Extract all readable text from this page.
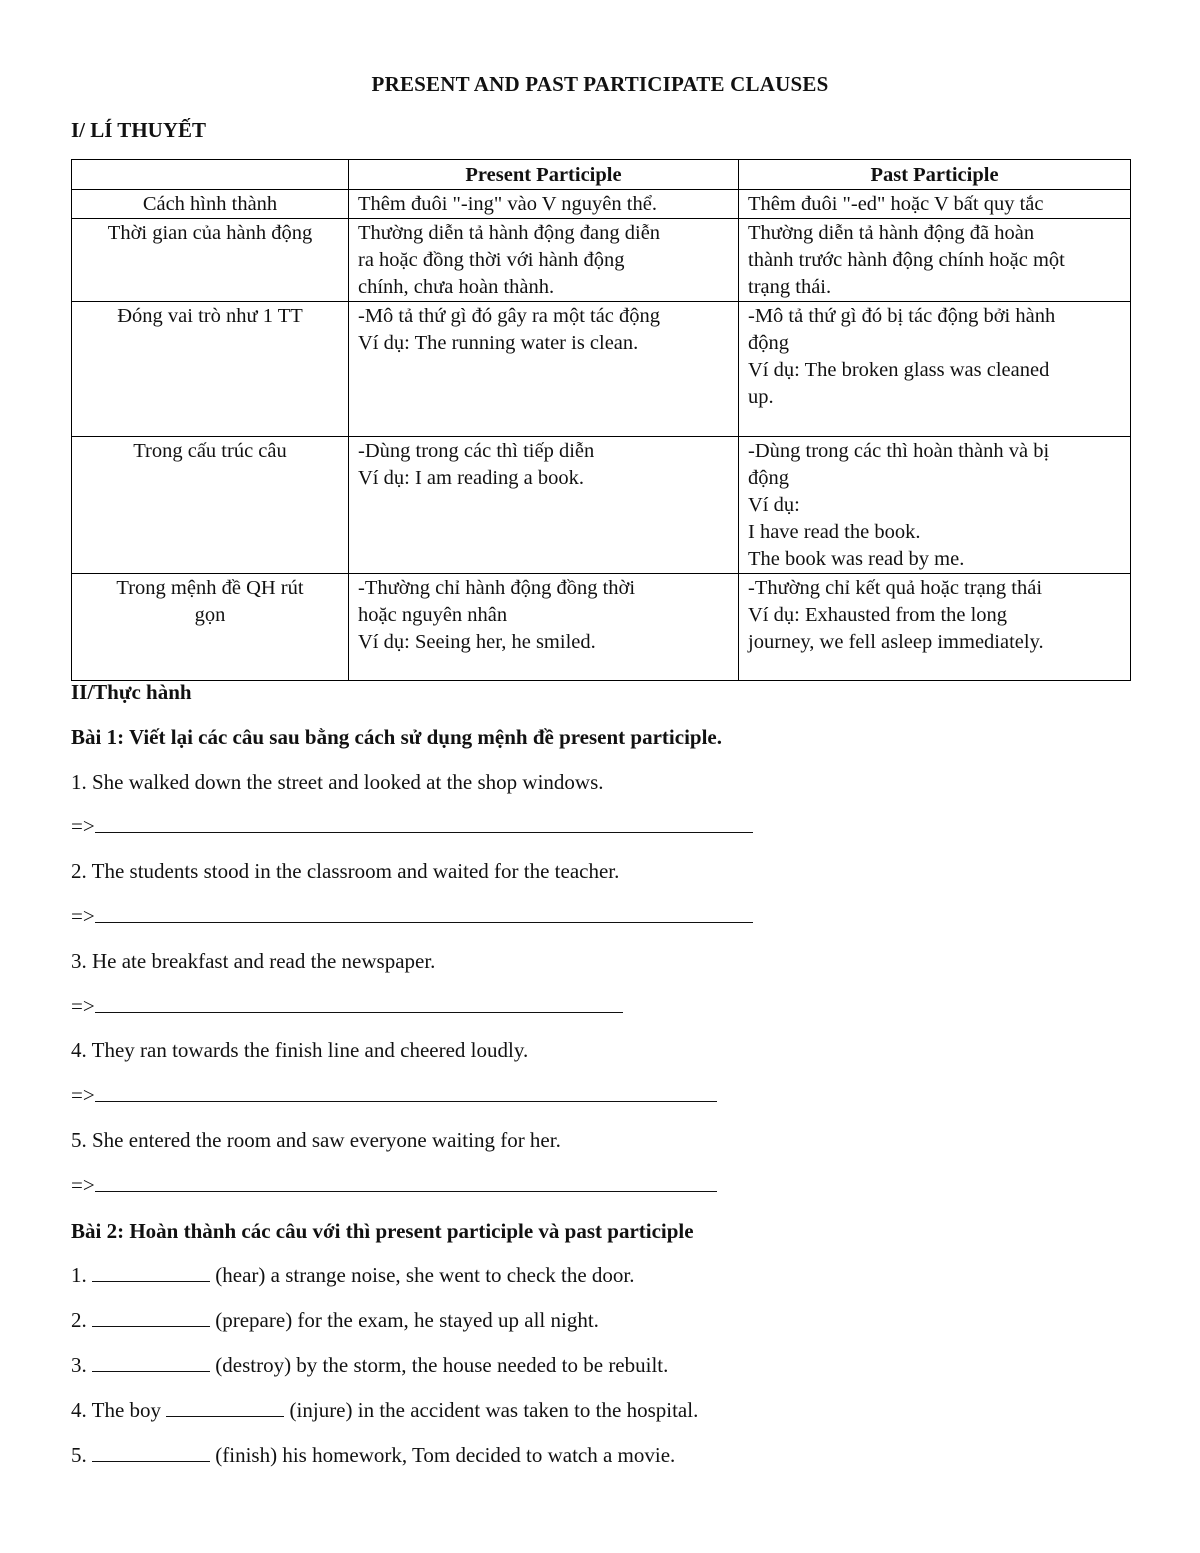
PRESENT AND PAST PARTICIPATE CLAUSES
I/ LÍ THUYẾT
	Present Participle	Past Participle

Cách hình thành	Thêm đuôi "-ing" vào V nguyên thể.	Thêm đuôi "-ed" hoặc V bất quy tắc

Thời gian của hành động	Thường diễn tả hành động đang diễn
ra hoặc đồng thời với hành động
chính, chưa hoàn thành.	Thường diễn tả hành động đã hoàn
thành trước hành động chính hoặc một
trạng thái.

Đóng vai trò như 1 TT	-Mô tả thứ gì đó gây ra một tác động
Ví dụ: The running water is clean.	-Mô tả thứ gì đó bị tác động bởi hành
động
Ví dụ: The broken glass was cleaned
up.

Trong cấu trúc câu	-Dùng trong các thì tiếp diễn
Ví dụ: I am reading a book.	-Dùng trong các thì hoàn thành và bị
động
Ví dụ:
I have read the book.
The book was read by me.

Trong mệnh đề QH rút
gọn	-Thường chỉ hành động đồng thời
hoặc nguyên nhân
Ví dụ: Seeing her, he smiled.	-Thường chỉ kết quả hoặc trạng thái
Ví dụ: Exhausted from the long
journey, we fell asleep immediately.
II/Thực hành
Bài 1: Viết lại các câu sau bằng cách sử dụng mệnh đề present participle.
1. She walked down the street and looked at the shop windows.
=>
2. The students stood in the classroom and waited for the teacher.
=>
3. He ate breakfast and read the newspaper.
=>
4. They ran towards the finish line and cheered loudly.
=>
5. She entered the room and saw everyone waiting for her.
=>
Bài 2: Hoàn thành các câu với thì present participle và past participle
1.	(hear) a strange noise, she went to check the door.
2.	(prepare) for the exam, he stayed up all night.
3.	(destroy) by the storm, the house needed to be rebuilt.
4. The boy	(injure) in the accident was taken to the hospital.
5.	(finish) his homework, Tom decided to watch a movie.
